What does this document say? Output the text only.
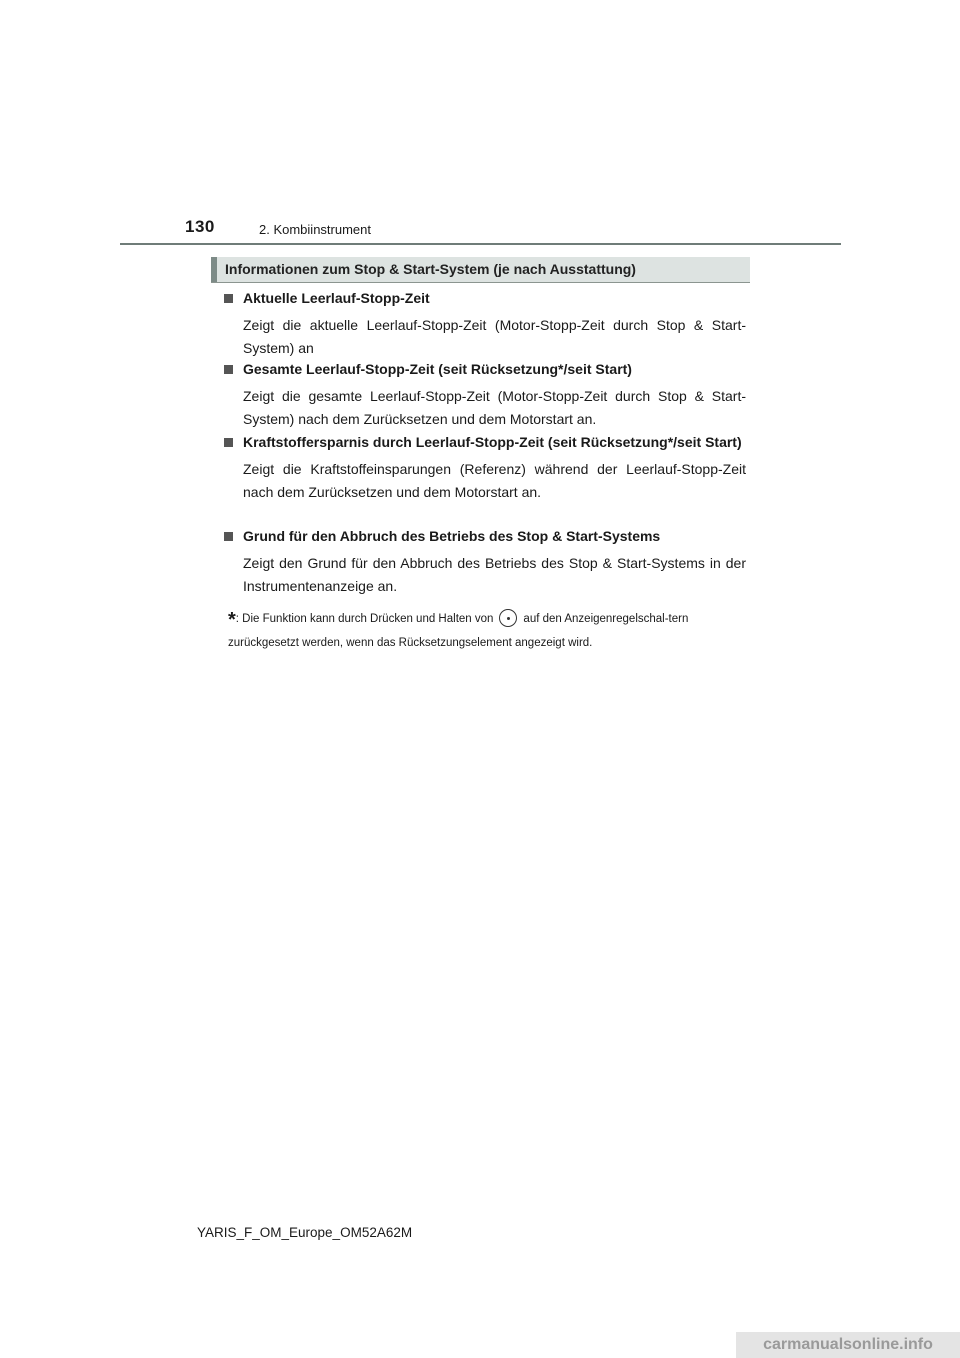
130	2. Kombiinstrument
Informationen zum Stop & Start-System (je nach Ausstattung)
Aktuelle Leerlauf-Stopp-Zeit
Zeigt die aktuelle Leerlauf-Stopp-Zeit (Motor-Stopp-Zeit durch Stop & Start-System) an
Gesamte Leerlauf-Stopp-Zeit (seit Rücksetzung*/seit Start)
Zeigt die gesamte Leerlauf-Stopp-Zeit (Motor-Stopp-Zeit durch Stop & Start-System) nach dem Zurücksetzen und dem Motorstart an.
Kraftstoffersparnis durch Leerlauf-Stopp-Zeit (seit Rücksetzung*/seit Start)
Zeigt die Kraftstoffeinsparungen (Referenz) während der Leerlauf-Stopp-Zeit nach dem Zurücksetzen und dem Motorstart an.
Grund für den Abbruch des Betriebs des Stop & Start-Systems
Zeigt den Grund für den Abbruch des Betriebs des Stop & Start-Systems in der Instrumentenanzeige an.
*: Die Funktion kann durch Drücken und Halten von	auf den Anzeigenregelschal-tern zurückgesetzt werden, wenn das Rücksetzungselement angezeigt wird.
YARIS_F_OM_Europe_OM52A62M
carmanualsonline.info
